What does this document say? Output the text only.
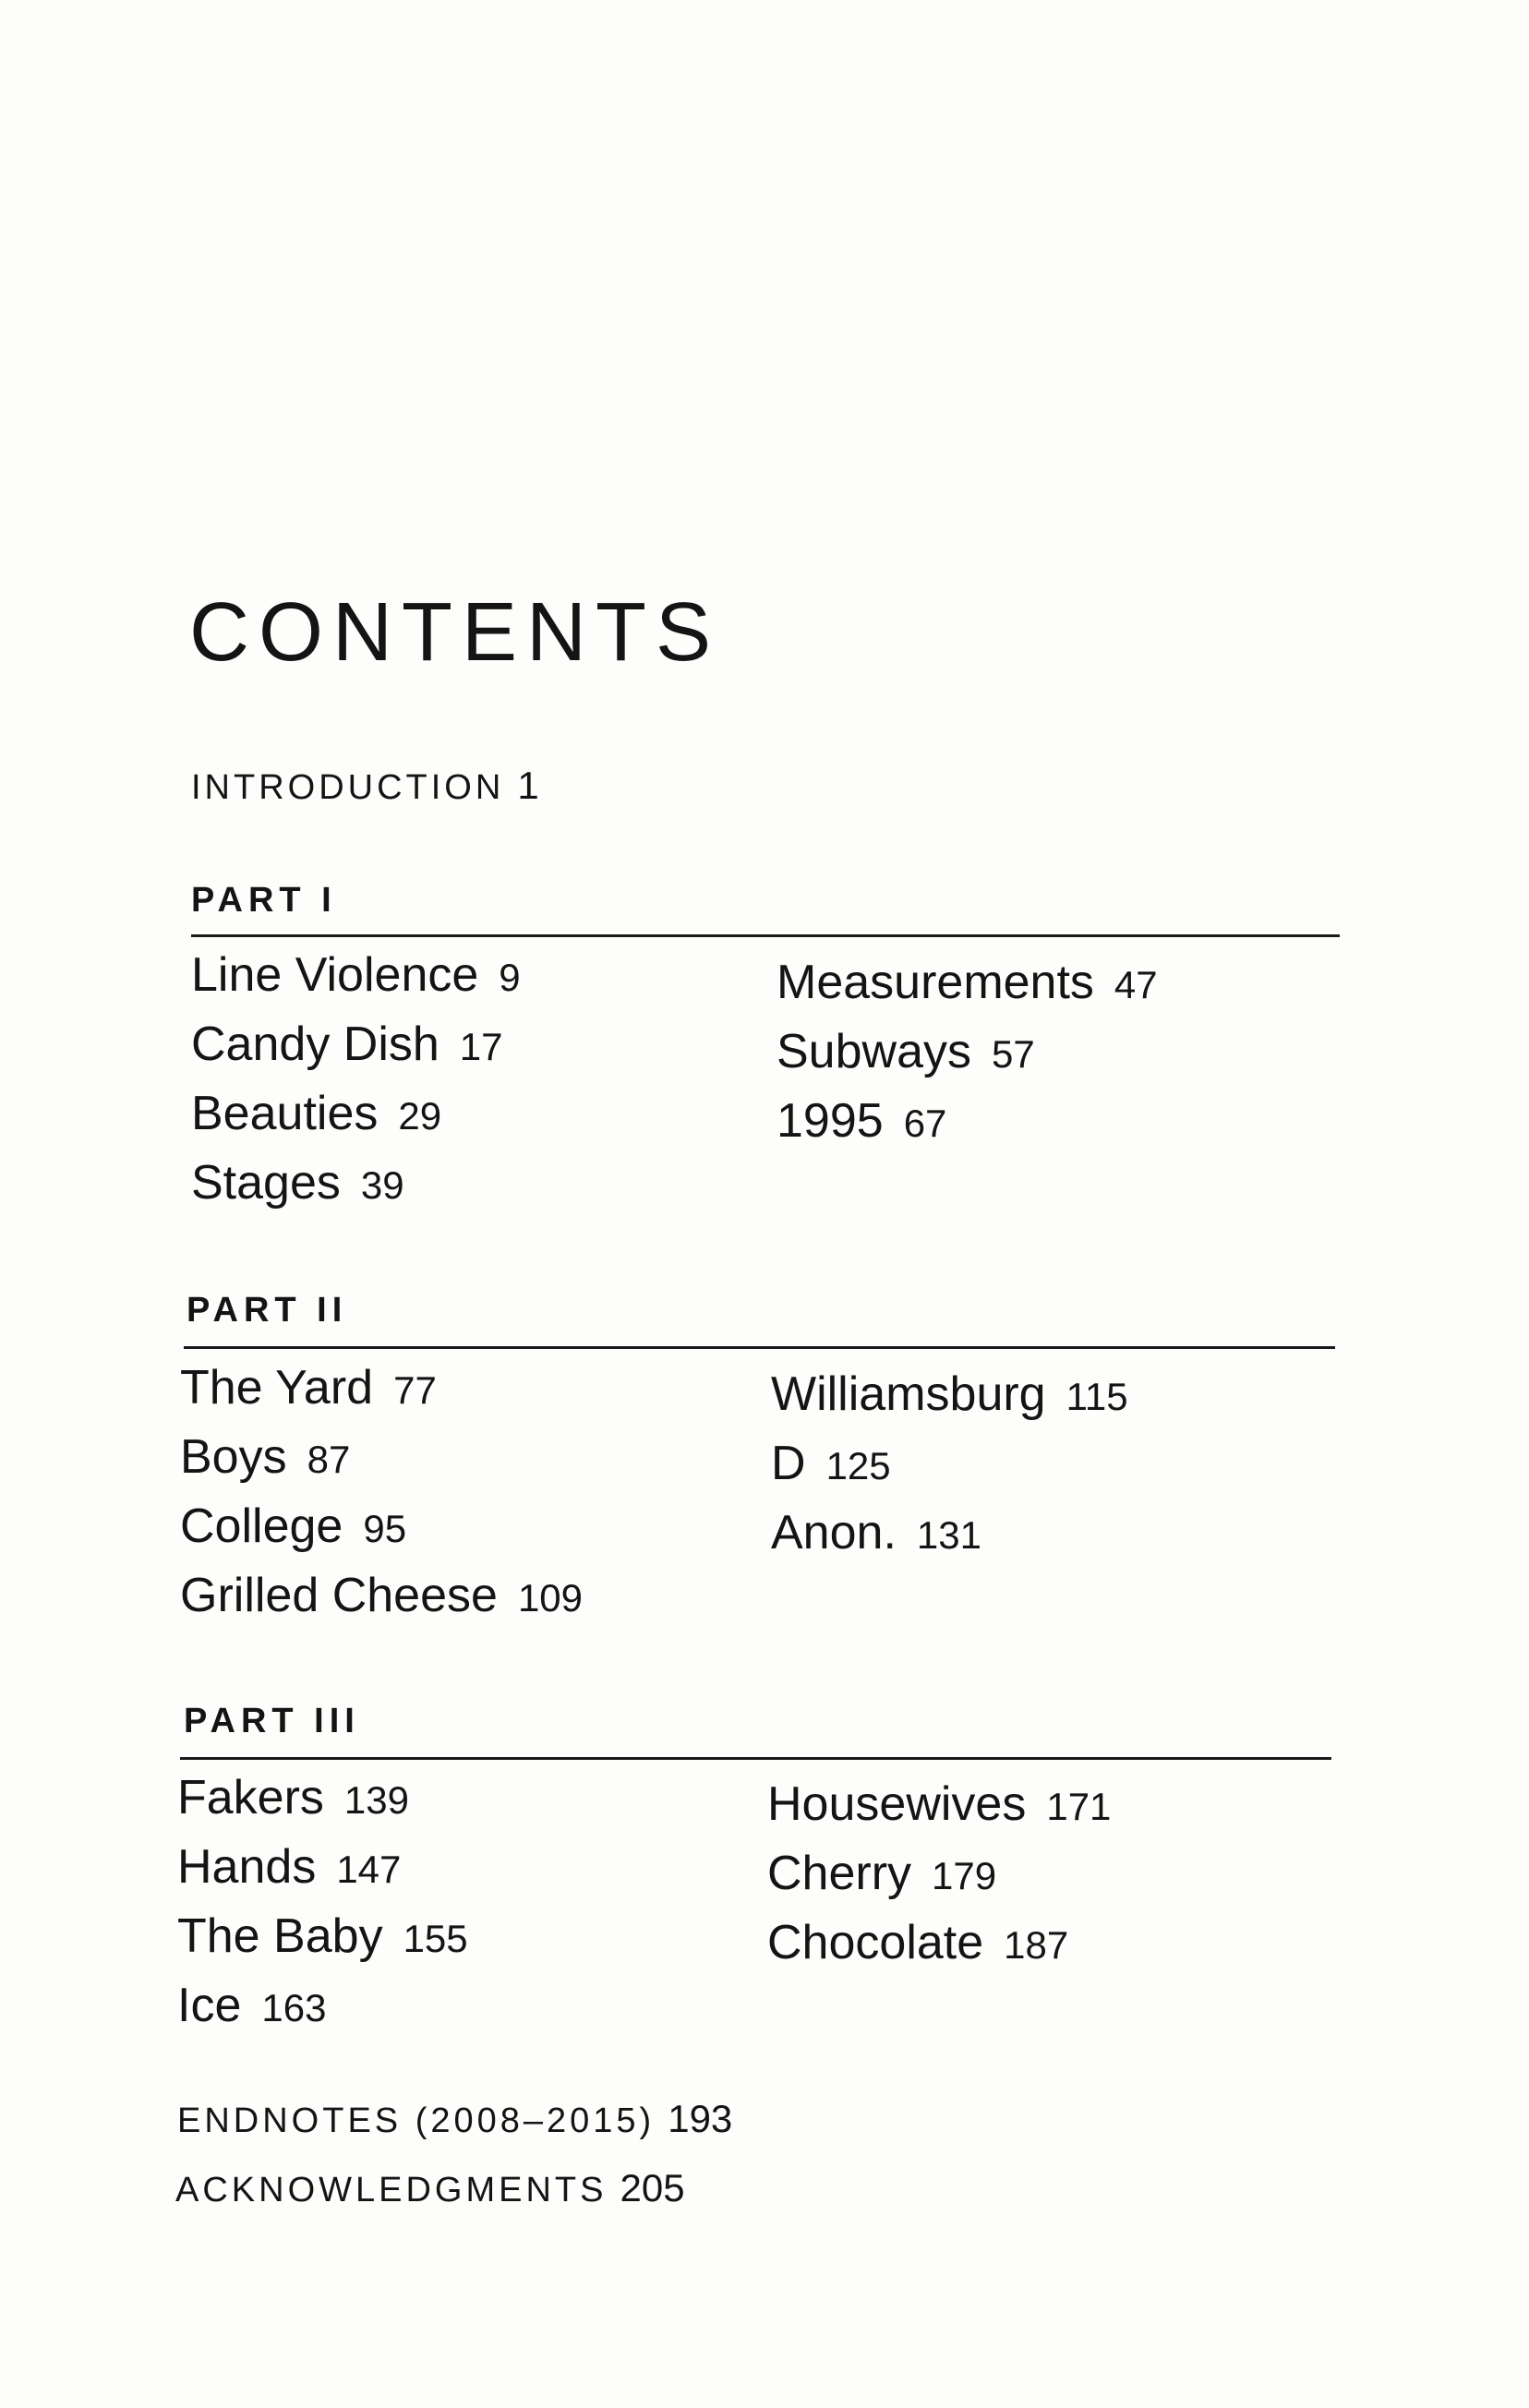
CONTENTS
INTRODUCTION 1
PART I
Line Violence 9
Candy Dish 17
Beauties 29
Stages 39
Measurements 47
Subways 57
1995 67
PART II
The Yard 77
Boys 87
College 95
Grilled Cheese 109
Williamsburg 115
D 125
Anon. 131
PART III
Fakers 139
Hands 147
The Baby 155
Ice 163
Housewives 171
Cherry 179
Chocolate 187
ENDNOTES (2008–2015) 193
ACKNOWLEDGMENTS 205
